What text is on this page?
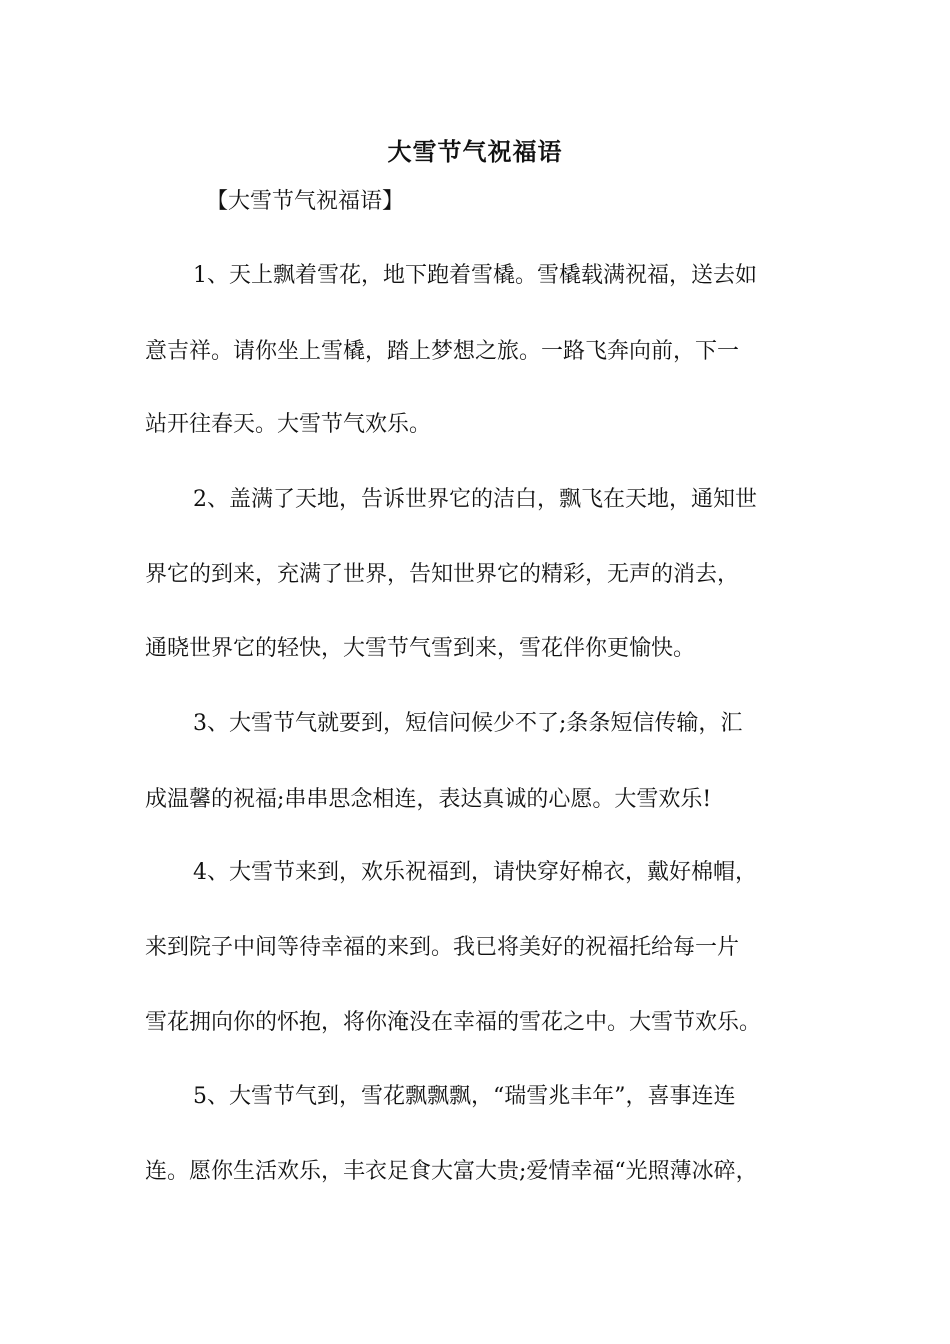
大雪节气祝福语
【大雪节气祝福语】
1、天上飘着雪花，地下跑着雪橇。雪橇载满祝福，送去如
意吉祥。请你坐上雪橇，踏上梦想之旅。一路飞奔向前，下一
站开往春天。大雪节气欢乐。
2、盖满了天地，告诉世界它的洁白，飘飞在天地，通知世
界它的到来，充满了世界，告知世界它的精彩，无声的消去，
通晓世界它的轻快，大雪节气雪到来，雪花伴你更愉快。
3、大雪节气就要到，短信问候少不了;条条短信传输，汇
成温馨的祝福;串串思念相连，表达真诚的心愿。大雪欢乐!
4、大雪节来到，欢乐祝福到，请快穿好棉衣，戴好棉帽，
来到院子中间等待幸福的来到。我已将美好的祝福托给每一片
雪花拥向你的怀抱，将你淹没在幸福的雪花之中。大雪节欢乐。
5、大雪节气到，雪花飘飘飘，“瑞雪兆丰年”，喜事连连
连。愿你生活欢乐，丰衣足食大富大贵;爱情幸福“光照薄冰碎，
